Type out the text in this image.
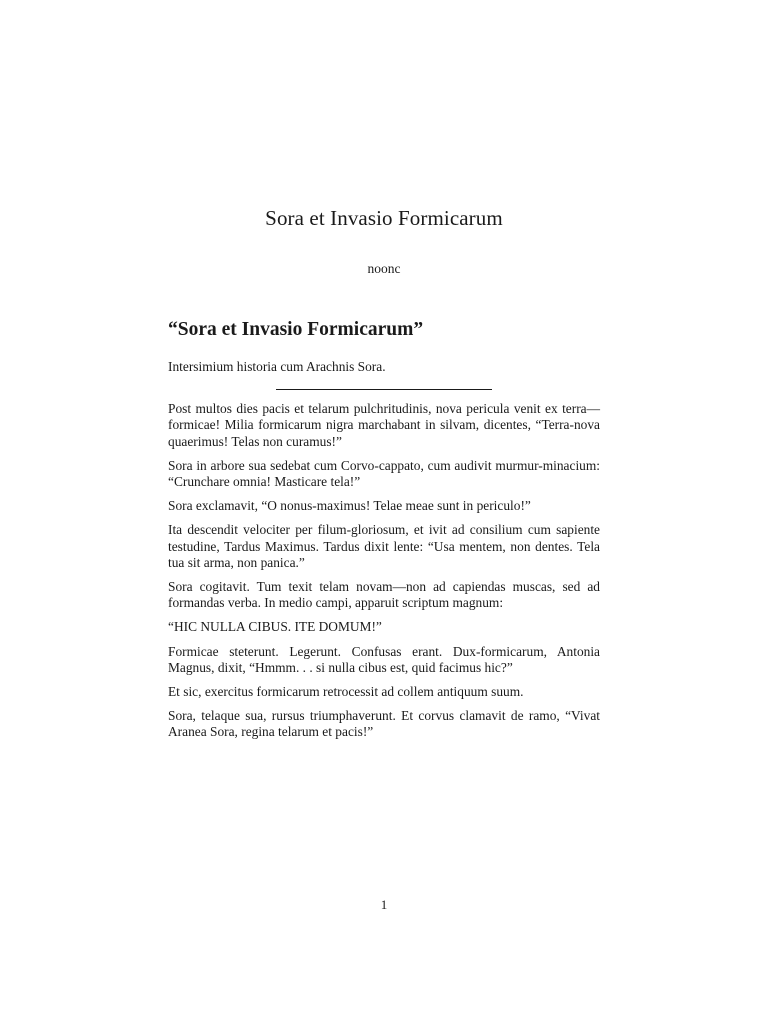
Sora et Invasio Formicarum
noonc
“Sora et Invasio Formicarum”
Intersimium historia cum Arachnis Sora.

Post multos dies pacis et telarum pulchritudinis, nova pericula venit ex terra—formicae! Milia formicarum nigra marchabant in silvam, dicentes, “Terra-nova quaerimus! Telas non curamus!”

Sora in arbore sua sedebat cum Corvo-cappato, cum audivit murmur-minacium: “Crunchare omnia! Masticare tela!”

Sora exclamavit, “O nonus-maximus! Telae meae sunt in periculo!”

Ita descendit velociter per filum-gloriosum, et ivit ad consilium cum sapiente testudine, Tardus Maximus. Tardus dixit lente: “Usa mentem, non dentes. Tela tua sit arma, non panica.”

Sora cogitavit. Tum texit telam novam—non ad capiendas muscas, sed ad formandas verba. In medio campi, apparuit scriptum magnum:

“HIC NULLA CIBUS. ITE DOMUM!”

Formicae steterunt. Legerunt. Confusas erant. Dux-formicarum, Antonia Magnus, dixit, “Hmmm. . . si nulla cibus est, quid facimus hic?”

Et sic, exercitus formicarum retrocessit ad collem antiquum suum.

Sora, telaque sua, rursus triumphaverunt. Et corvus clamavit de ramo, “Vivat Aranea Sora, regina telarum et pacis!”

1
